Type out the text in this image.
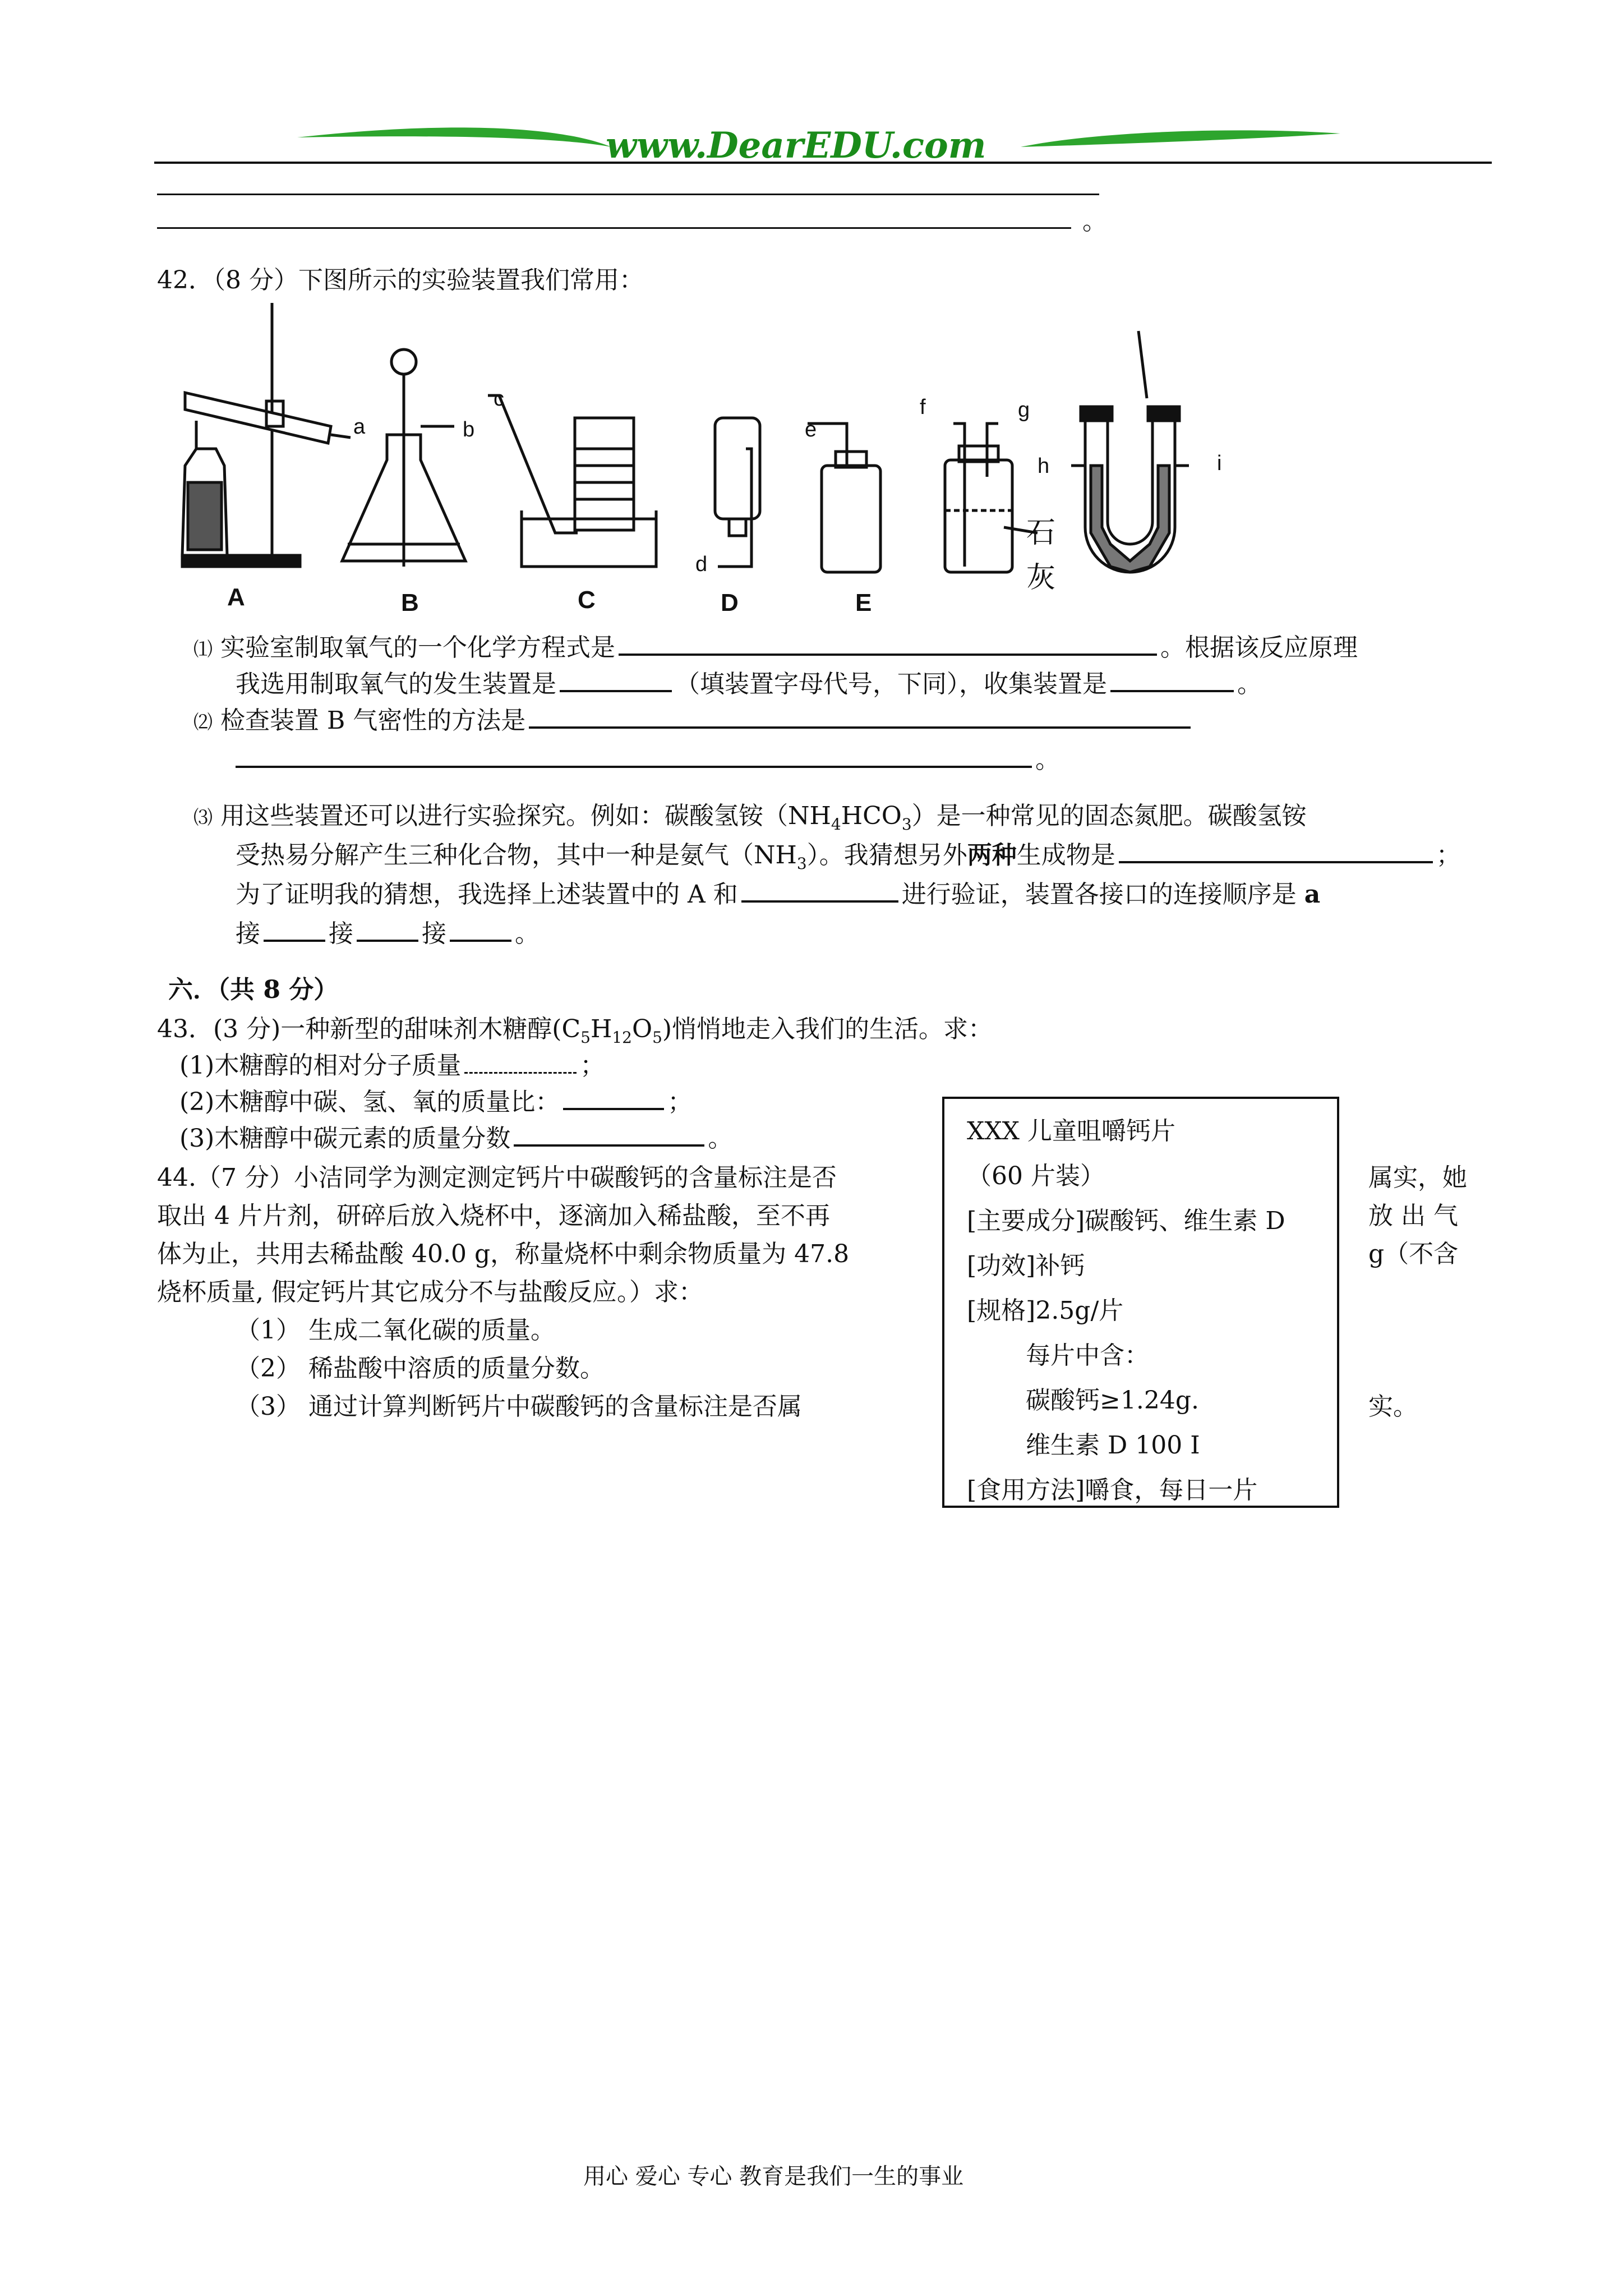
www.DearEDU.com
。
42．（8 分）下图所示的实验装置我们常用：
A	B	C	D	E
a	b
c
d
e
f	g
h	i
石
灰
⑴ 实验室制取氧气的一个化学方程式是	。根据该反应原理
我选用制取氧气的发生装置是	（填装置字母代号，下同），收集装置是	。
⑵ 检查装置 B 气密性的方法是
。
⑶ 用这些装置还可以进行实验探究。例如：碳酸氢铵$(NH_4HCO_3)$是一种常见的固态氮肥。碳酸氢铵
受热易分解产生三种化合物，其中一种是氨气$(NH_3)$。我猜想另外两种生成物是	；
为了证明我的猜想，我选择上述装置中的 A 和	进行验证，装置各接口的连接顺序是 a
接	接	接	。
六．（共 8 分）
43．(3 分)一种新型的甜味剂木糖醇$(C_5H_{12}O_5)$悄悄地走入我们的生活。求：
(1)木糖醇的相对分子质量	；
(2)木糖醇中碳、氢、氧的质量比：	；
(3)木糖醇中碳元素的质量分数	。
44.（7 分）小洁同学为测定测定钙片中碳酸钙的含量标注是否	属实，她
取出 4 片片剂，研碎后放入烧杯中，逐滴加入稀盐酸，至不再	放 出 气
体为止，共用去稀盐酸 40.0 g，称量烧杯中剩余物质量为 47.8	g（不含
烧杯质量, 假定钙片其它成分不与盐酸反应。）求：
（1） 生成二氧化碳的质量。
（2） 稀盐酸中溶质的质量分数。
（3） 通过计算判断钙片中碳酸钙的含量标注是否属	实。
XXX 儿童咀嚼钙片
（60 片装）
[主要成分]碳酸钙、维生素 D
[功效]补钙
[规格]2.5g/片
每片中含：
碳酸钙≥1.24g.
维生素 D 100 I
[食用方法]嚼食，每日一片
用心 爱心 专心 教育是我们一生的事业
